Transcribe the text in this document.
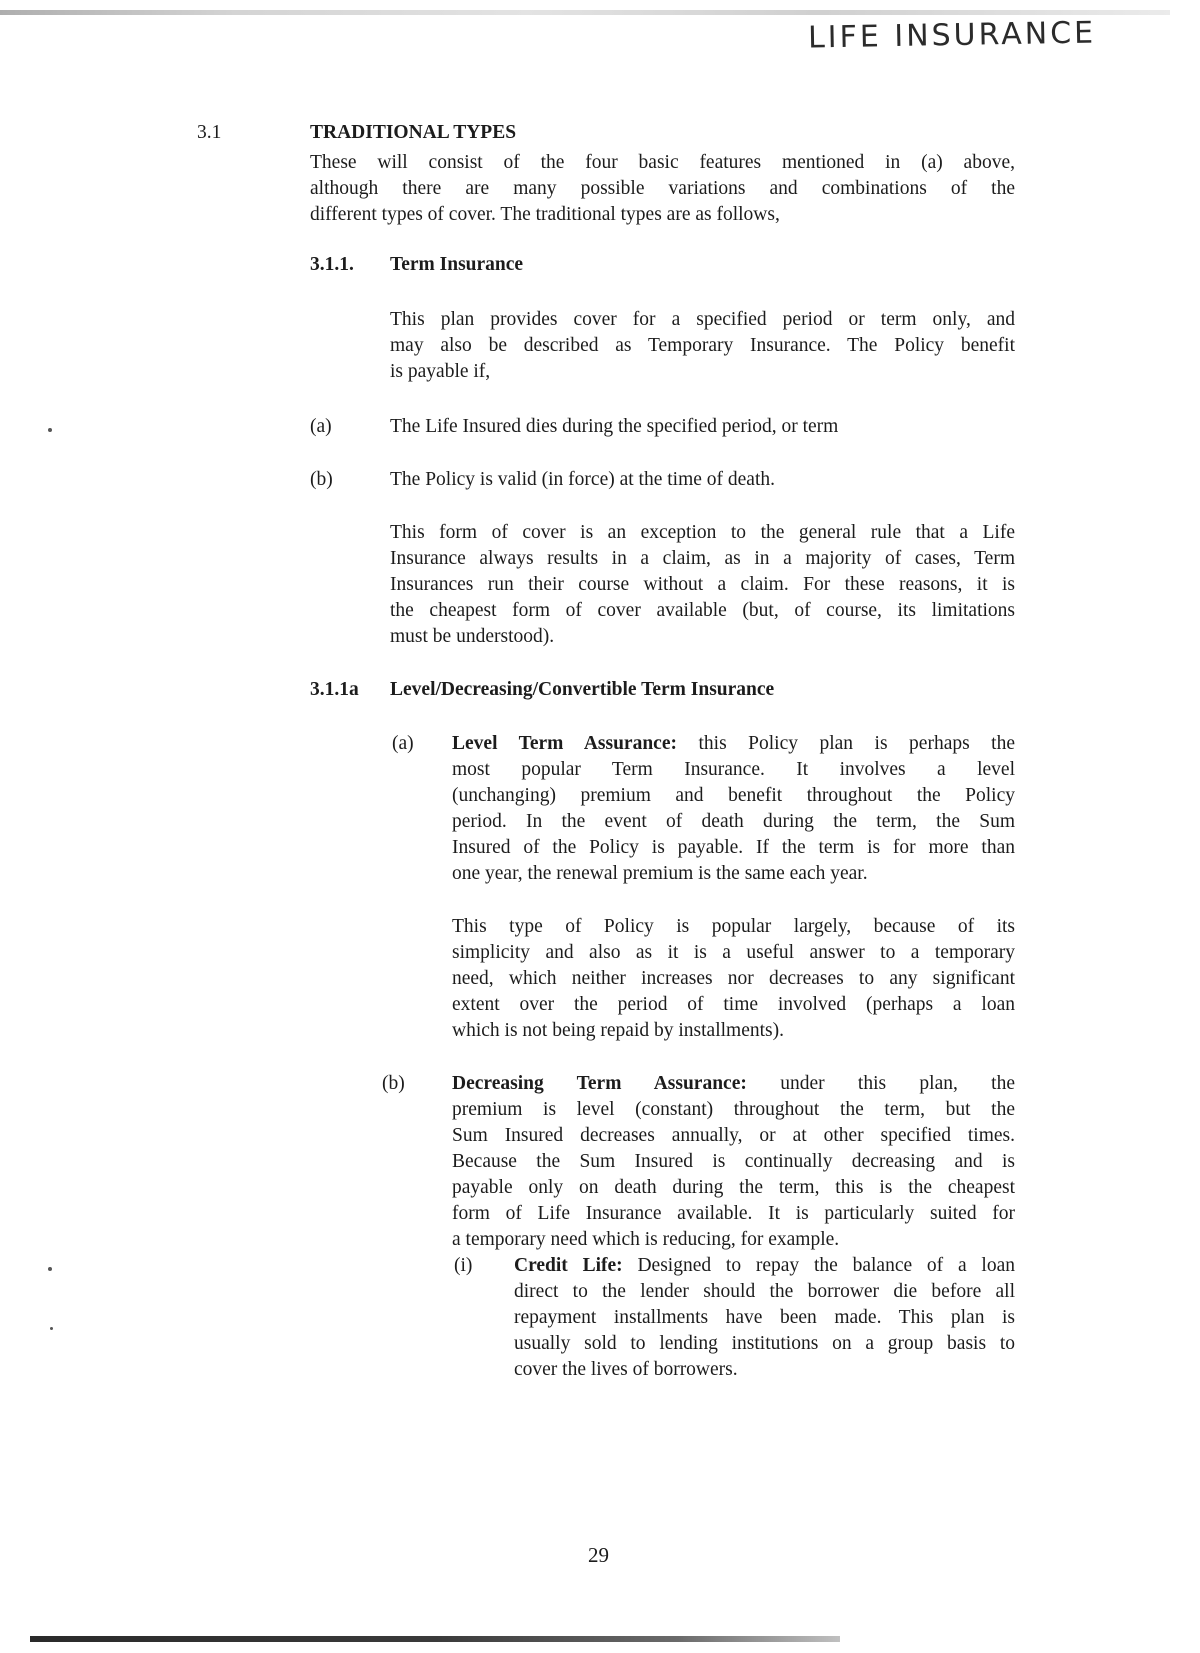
LIFE INSURANCE
3.1	TRADITIONAL TYPES
These will consist of the four basic features mentioned in (a) above,
although there are many possible variations and combinations of the
different types of cover. The traditional types are as follows,
3.1.1. Term Insurance
This plan provides cover for a specified period or term only, and
may also be described as Temporary Insurance. The Policy benefit
is payable if,
(a)	The Life Insured dies during the specified period, or term
(b)	The Policy is valid (in force) at the time of death.
This form of cover is an exception to the general rule that a Life
Insurance always results in a claim, as in a majority of cases, Term
Insurances run their course without a claim. For these reasons, it is
the cheapest form of cover available (but, of course, its limitations
must be understood).
3.1.1a Level/Decreasing/Convertible Term Insurance
(a) Level Term Assurance: this Policy plan is perhaps the
most popular Term Insurance. It involves a level
(unchanging) premium and benefit throughout the Policy
period. In the event of death during the term, the Sum
Insured of the Policy is payable. If the term is for more than
one year, the renewal premium is the same each year.
This type of Policy is popular largely, because of its
simplicity and also as it is a useful answer to a temporary
need, which neither increases nor decreases to any significant
extent over the period of time involved (perhaps a loan
which is not being repaid by installments).
(b) Decreasing Term Assurance: under this plan, the
premium is level (constant) throughout the term, but the
Sum Insured decreases annually, or at other specified times.
Because the Sum Insured is continually decreasing and is
payable only on death during the term, this is the cheapest
form of Life Insurance available. It is particularly suited for
a temporary need which is reducing, for example.
(i) Credit Life: Designed to repay the balance of a loan
direct to the lender should the borrower die before all
repayment installments have been made. This plan is
usually sold to lending institutions on a group basis to
cover the lives of borrowers.
29
